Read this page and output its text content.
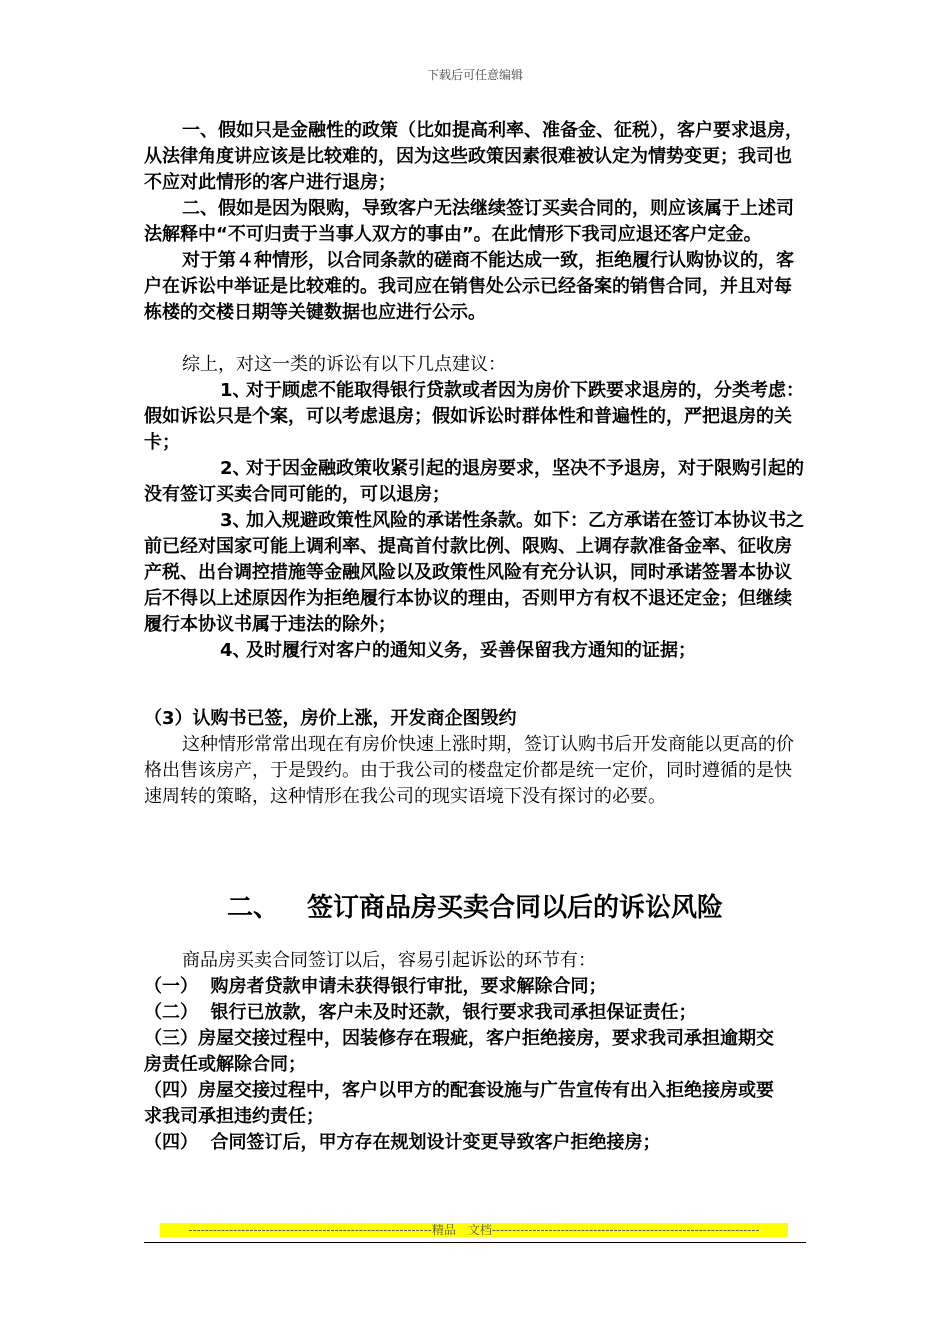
下载后可任意编辑

一、假如只是金融性的政策（比如提高利率、准备金、征税），客户要求退房，从法律角度讲应该是比较难的，因为这些政策因素很难被认定为情势变更；我司也不应对此情形的客户进行退房；

二、假如是因为限购，导致客户无法继续签订买卖合同的，则应该属于上述司法解释中“不可归责于当事人双方的事由”。在此情形下我司应退还客户定金。

对于第４种情形，以合同条款的磋商不能达成一致，拒绝履行认购协议的，客户在诉讼中举证是比较难的。我司应在销售处公示已经备案的销售合同，并且对每栋楼的交楼日期等关键数据也应进行公示。

综上，对这一类的诉讼有以下几点建议：

1、对于顾虑不能取得银行贷款或者因为房价下跌要求退房的，分类考虑：假如诉讼只是个案，可以考虑退房；假如诉讼时群体性和普遍性的，严把退房的关卡；

2、对于因金融政策收紧引起的退房要求，坚决不予退房，对于限购引起的没有签订买卖合同可能的，可以退房；

3、加入规避政策性风险的承诺性条款。如下：乙方承诺在签订本协议书之前已经对国家可能上调利率、提高首付款比例、限购、上调存款准备金率、征收房产税、出台调控措施等金融风险以及政策性风险有充分认识，同时承诺签署本协议后不得以上述原因作为拒绝履行本协议的理由，否则甲方有权不退还定金；但继续履行本协议书属于违法的除外；

4、及时履行对客户的通知义务，妥善保留我方通知的证据；

（3）认购书已签，房价上涨，开发商企图毁约

这种情形常常出现在有房价快速上涨时期，签订认购书后开发商能以更高的价格出售该房产，于是毁约。由于我公司的楼盘定价都是统一定价，同时遵循的是快速周转的策略，这种情形在我公司的现实语境下没有探讨的必要。

二、 签订商品房买卖合同以后的诉讼风险

商品房买卖合同签订以后，容易引起诉讼的环节有：

（一） 购房者贷款申请未获得银行审批，要求解除合同；

（二） 银行已放款，客户未及时还款，银行要求我司承担保证责任；

（三）房屋交接过程中，因装修存在瑕疵，客户拒绝接房，要求我司承担逾期交

房责任或解除合同；

（四）房屋交接过程中，客户以甲方的配套设施与广告宣传有出入拒绝接房或要

求我司承担违约责任；

（四） 合同签订后，甲方存在规划设计变更导致客户拒绝接房；

------------------------------------------------------------精品　文档------------------------------------------------------------------
